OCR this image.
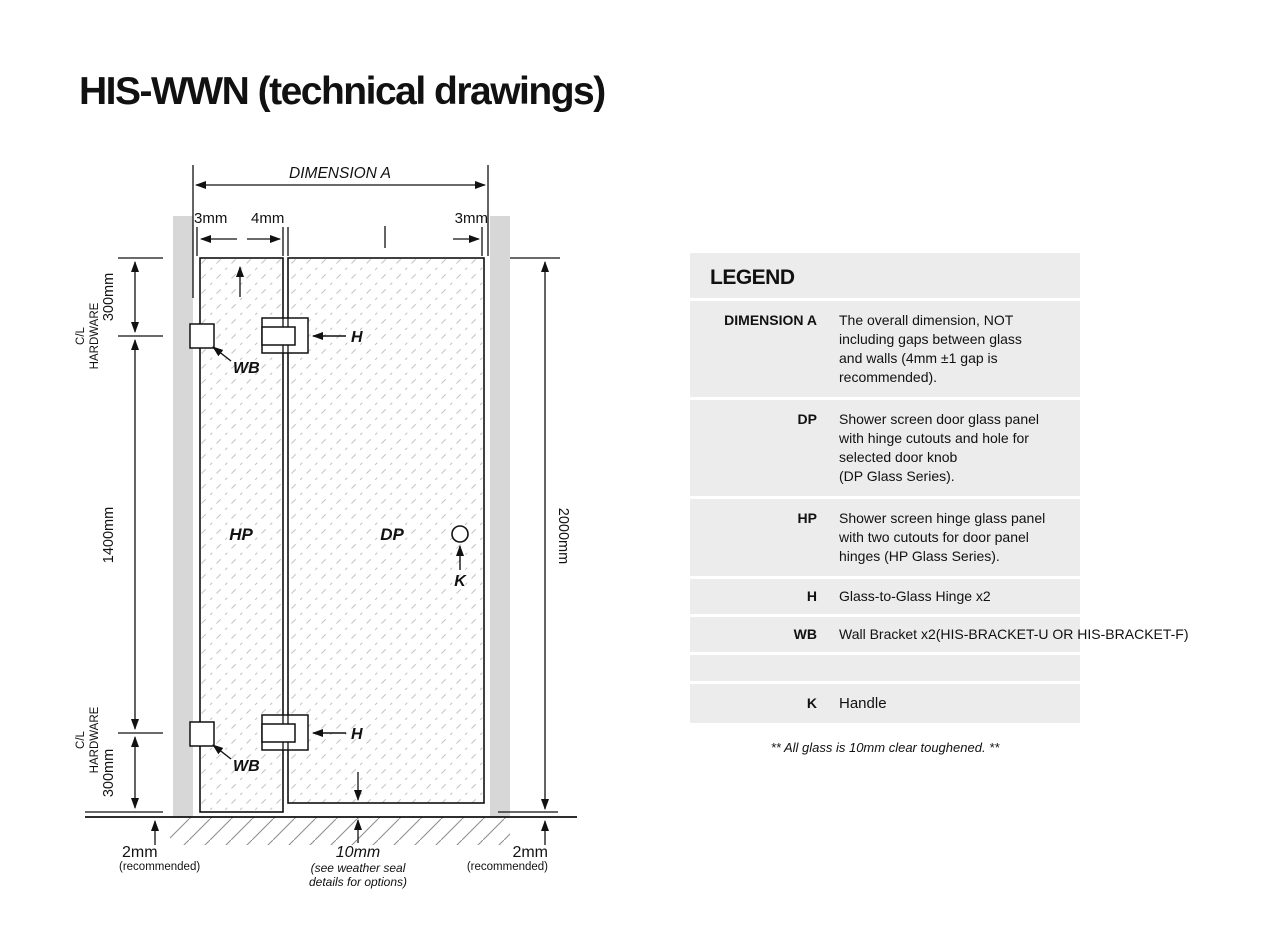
HIS-WWN (technical drawings)
DIMENSION A
3mm 4mm	3mm
C/L HARDWARE
300mm
1400mm
C/L HARDWARE 300mm
2000mm
HP	DP
WB
WB
H
H
K
2mm
(recommended)
10mm
(see weather seal
details for options)
2mm
(recommended)
LEGEND
DIMENSION A The overall dimension, NOT
including gaps between glass
and walls (4mm ±1 gap is
recommended).
DP Shower screen door glass panel
with hinge cutouts and hole for
selected door knob
(DP Glass Series).
HP Shower screen hinge glass panel
with two cutouts for door panel
hinges (HP Glass Series).
H Glass-to-Glass Hinge x2
WB Wall Bracket x2(HIS-BRACKET-U OR HIS-BRACKET-F)
K Handle
** All glass is 10mm clear toughened. **
